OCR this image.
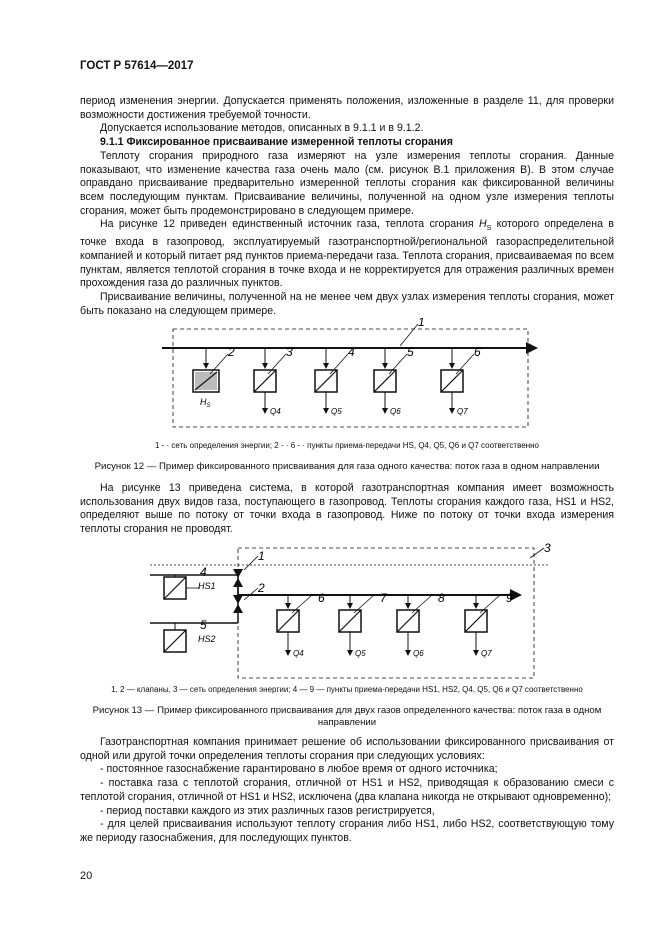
ГОСТ Р 57614—2017

период изменения энергии. Допускается применять положения, изложенные в разделе 11, для проверки возможности достижения требуемой точности.

Допускается использование методов, описанных в 9.1.1 и в 9.1.2.

9.1.1 Фиксированное присваивание измеренной теплоты сгорания

Теплоту сгорания природного газа измеряют на узле измерения теплоты сгорания. Данные показывают, что изменение качества газа очень мало (см. рисунок В.1 приложения В). В этом случае оправдано присваивание предварительно измеренной теплоты сгорания как фиксированной величины всем последующим пунктам. Присваивание величины, полученной на одном узле измерения теплоты сгорания, может быть продемонстрировано в следующем примере.

На рисунке 12 приведен единственный источник газа, теплота сгорания $H_S$ которого определена в точке входа в газопровод, эксплуатируемый газотранспортной/региональной газораспределительной компанией и который питает ряд пунктов приема-передачи газа. Теплота сгорания, присваиваемая по всем пунктам, является теплотой сгорания в точке входа и не корректируется для отражения различных времен прохождения газа до различных пунктов.

Присваивание величины, полученной на не менее чем двух узлах измерения теплоты сгорания, может быть показано на следующем примере.

1
2
$H_S$
3
Q4
4
Q5
5
Q6
6
Q7
1 - · сеть определения энергии; 2 - · 6 - · пункты приема-передачи HS, Q4, Q5, Q6 и Q7 соответственно
Рисунок 12 — Пример фиксированного присваивания для газа одного качества: поток газа в одном направлении

На рисунке 13 приведена система, в которой газотранспортная компания имеет возможность использования двух видов газа, поступающего в газопровод. Теплоты сгорания каждого газа, HS1 и HS2, определяют выше по потоку от точки входа в газопровод. Ниже по потоку от точки входа измерения теплоты сгорания не проводят.

3
1
2
4
HS1
5
HS2
6
Q4
7
Q5
8
Q6
9
Q7
1, 2 — клапаны, 3 — сеть определения энергии; 4 — 9 — пункты приема-передачи HS1, HS2, Q4, Q5, Q6 и Q7 соответственно
Рисунок 13 — Пример фиксированного присваивания для двух газов определенного качества: поток газа в одном направлении

Газотранспортная компания принимает решение об использовании фиксированного присваивания от одной или другой точки определения теплоты сгорания при следующих условиях:

- постоянное газоснабжение гарантировано в любое время от одного источника;

- поставка газа с теплотой сгорания, отличной от HS1 и HS2, приводящая к образованию смеси с теплотой сгорания, отличной от HS1 и HS2, исключена (два клапана никогда не открывают одновременно);

- период поставки каждого из этих различных газов регистрируется,

- для целей присваивания используют теплоту сгорания либо HS1, либо HS2, соответствующую тому же периоду газоснабжения, для последующих пунктов.

20
